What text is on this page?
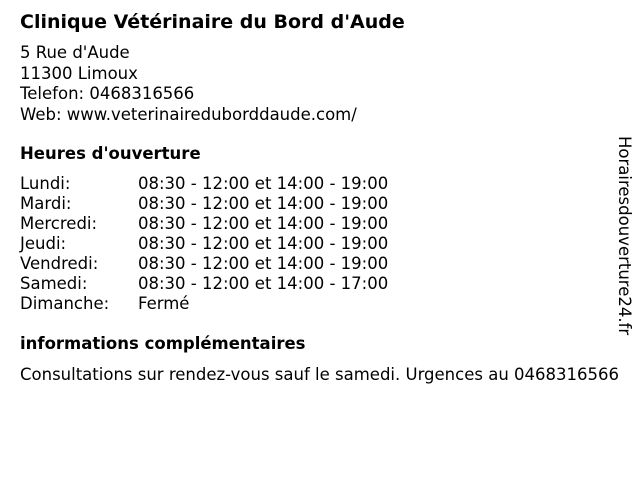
Clinique Vétérinaire du Bord d'Aude
5 Rue d'Aude
11300 Limoux
Telefon: 0468316566
Web: www.veterinaireduborddaude.com/
Heures d'ouverture
Lundi:	08:30 - 12:00 et 14:00 - 19:00
Mardi:	08:30 - 12:00 et 14:00 - 19:00
Mercredi:	08:30 - 12:00 et 14:00 - 19:00
Jeudi:	08:30 - 12:00 et 14:00 - 19:00
Vendredi:	08:30 - 12:00 et 14:00 - 19:00
Samedi:	08:30 - 12:00 et 14:00 - 17:00
Dimanche:	Fermé
informations complémentaires
Consultations sur rendez-vous sauf le samedi. Urgences au 0468316566
Horairesdouverture24.fr
